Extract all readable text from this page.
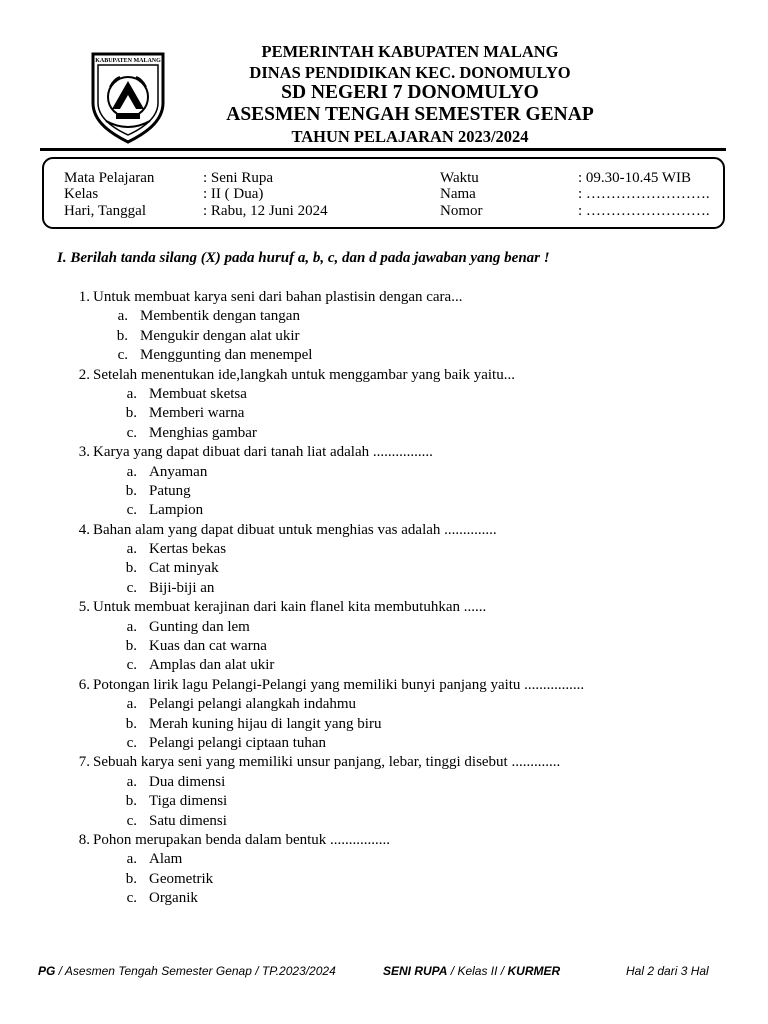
KABUPATEN MALANG	PEMERINTAH KABUPATEN MALANG
DINAS PENDIDIKAN KEC. DONOMULYO
SD NEGERI 7 DONOMULYO
ASESMEN TENGAH SEMESTER GENAP
TAHUN PELAJARAN 2023/2024
Mata Pelajaran	: Seni Rupa
Kelas	: II ( Dua)
Hari, Tanggal	: Rabu, 12 Juni 2024
Waktu	: 09.30-10.45 WIB
Nama	: …………………….
Nomor	: …………………….
I. Berilah tanda silang (X) pada huruf a, b, c, dan d pada jawaban yang benar !
1. Untuk membuat karya seni dari bahan plastisin dengan cara...
a. Membentik dengan tangan
b. Mengukir dengan alat ukir
c. Menggunting dan menempel
2. Setelah menentukan ide,langkah untuk menggambar yang baik yaitu...
a. Membuat sketsa
b. Memberi warna
c. Menghias gambar
3. Karya yang dapat dibuat dari tanah liat adalah ................
a. Anyaman
b. Patung
c. Lampion
4. Bahan alam yang dapat dibuat untuk menghias vas adalah ..............
a. Kertas bekas
b. Cat minyak
c. Biji-biji an
5. Untuk membuat kerajinan dari kain flanel kita membutuhkan ......
a. Gunting dan lem
b. Kuas dan cat warna
c. Amplas dan alat ukir
6. Potongan lirik lagu Pelangi-Pelangi yang memiliki bunyi panjang yaitu ................
a. Pelangi pelangi alangkah indahmu
b. Merah kuning hijau di langit yang biru
c. Pelangi pelangi ciptaan tuhan
7. Sebuah karya seni yang memiliki unsur panjang, lebar, tinggi disebut .............
a. Dua dimensi
b. Tiga dimensi
c. Satu dimensi
8. Pohon merupakan benda dalam bentuk ................
a. Alam
b. Geometrik
c. Organik
PG / Asesmen Tengah Semester Genap / TP.2023/2024	SENI RUPA / Kelas II / KURMER	Hal 2 dari 3 Hal
